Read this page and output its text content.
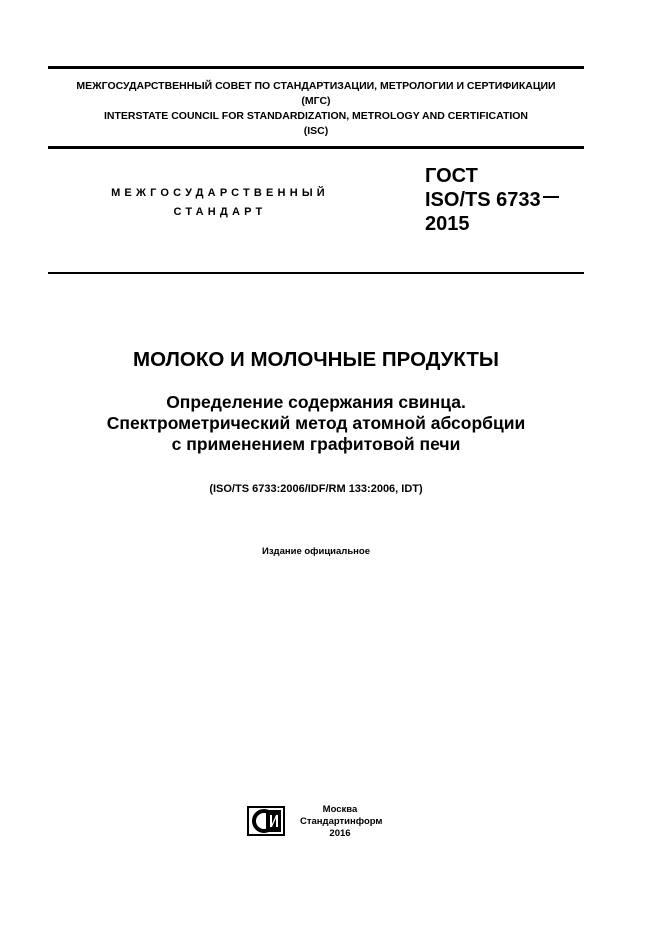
МЕЖГОСУДАРСТВЕННЫЙ СОВЕТ ПО СТАНДАРТИЗАЦИИ, МЕТРОЛОГИИ И СЕРТИФИКАЦИИ
(МГС)
INTERSTATE COUNCIL FOR STANDARDIZATION, METROLOGY AND CERTIFICATION
(ISC)
МЕЖГОСУДАРСТВЕННЫЙ
СТАНДАРТ
ГОСТ
ISO/TS 6733
2015
МОЛОКО И МОЛОЧНЫЕ ПРОДУКТЫ
Определение содержания свинца.
Спектрометрический метод атомной абсорбции
с применением графитовой печи
(ISO/TS 6733:2006/IDF/RM 133:2006, IDT)
Издание официальное
Москва
Стандартинформ
2016
